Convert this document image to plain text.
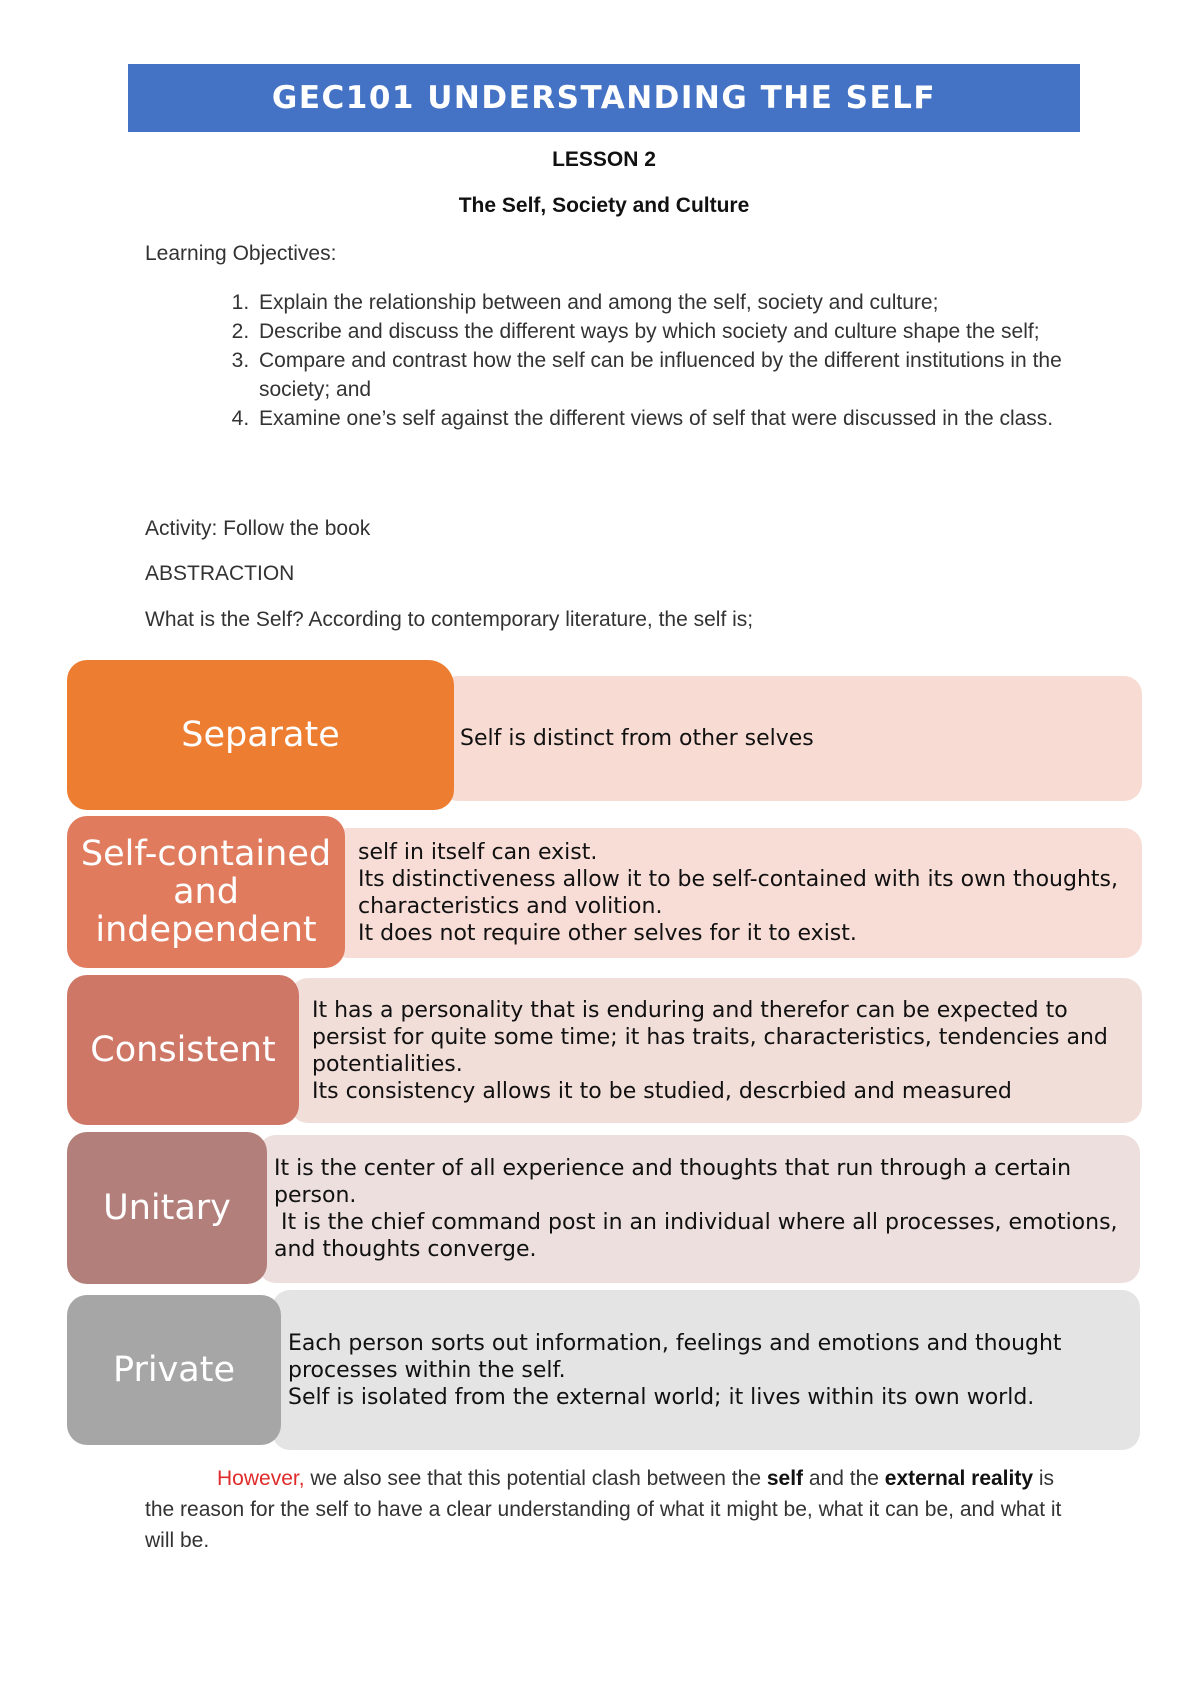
GEC101 UNDERSTANDING THE SELF
LESSON 2
The Self, Society and Culture
Learning Objectives:
1. Explain the relationship between and among the self, society and culture;
2. Describe and discuss the different ways by which society and culture shape the self;
3. Compare and contrast how the self can be influenced by the different institutions in the society; and
4. Examine one’s self against the different views of self that were discussed in the class.
Activity: Follow the book
ABSTRACTION
What is the Self? According to contemporary literature, the self is;
Self is distinct from other selves
Separate
self in itself can exist.
Its distinctiveness allow it to be self-contained with its own thoughts, characteristics and volition.
It does not require other selves for it to exist.
Self-contained and independent
It has a personality that is enduring and therefor can be expected to persist for quite some time; it has traits, characteristics, tendencies and potentialities.
Its consistency allows it to be studied, descrbied and measured
Consistent
It is the center of all experience and thoughts that run through a certain person.
It is the chief command post in an individual where all processes, emotions, and thoughts converge.
Unitary
Each person sorts out information, feelings and emotions and thought processes within the self.
Self is isolated from the external world; it lives within its own world.
Private
However, we also see that this potential clash between the self and the external reality is the reason for the self to have a clear understanding of what it might be, what it can be, and what it will be.
